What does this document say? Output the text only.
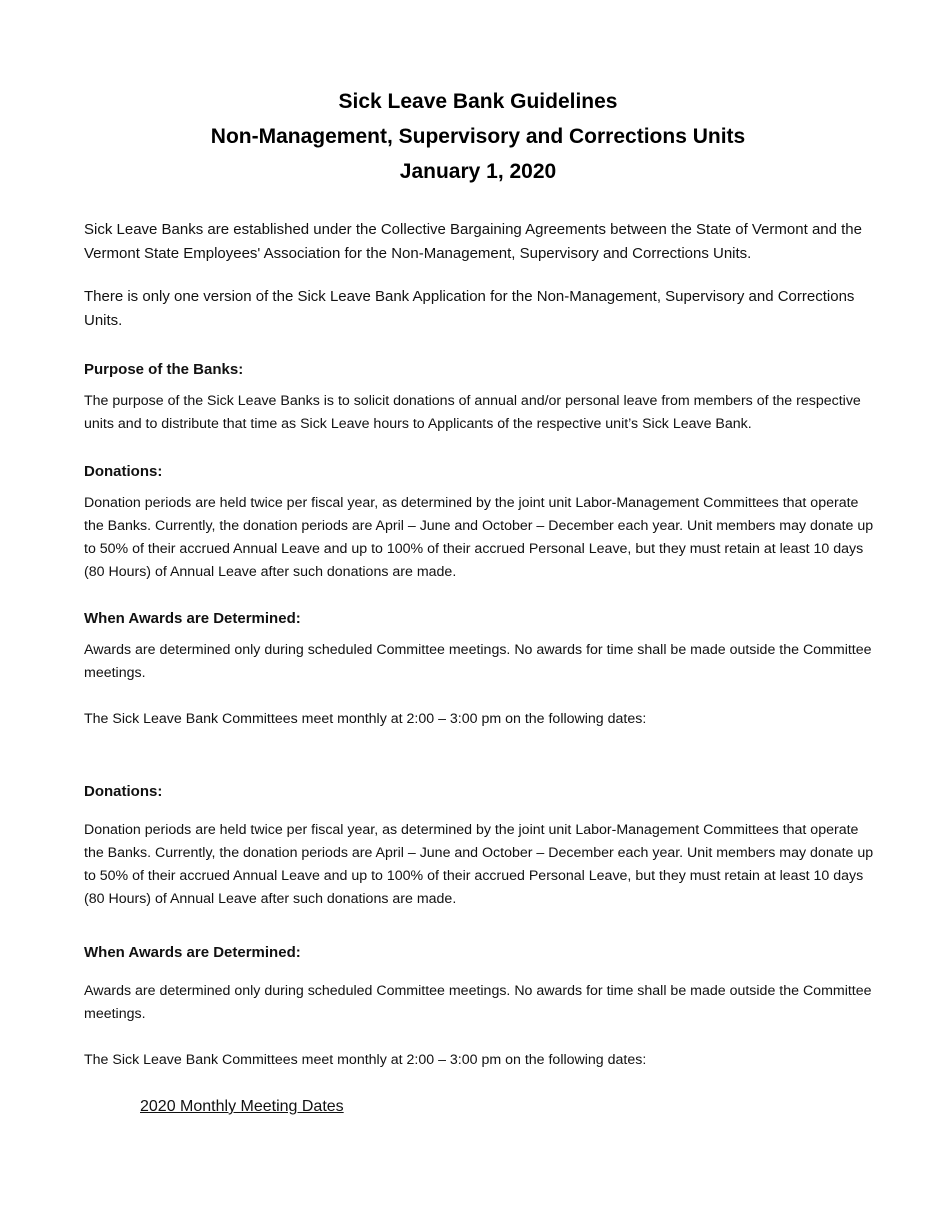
Sick Leave Bank Guidelines
Non-Management, Supervisory and Corrections Units
January 1, 2020

Sick Leave Banks are established under the Collective Bargaining Agreements between the State of Vermont and the Vermont State Employees' Association for the Non-Management, Supervisory and Corrections Units.

There is only one version of the Sick Leave Bank Application for the Non-Management, Supervisory and Corrections Units.

Purpose of the Banks:

The purpose of the Sick Leave Banks is to solicit donations of annual and/or personal leave from members of the respective units and to distribute that time as Sick Leave hours to Applicants of the respective unit’s Sick Leave Bank.

Donations:

Donation periods are held twice per fiscal year, as determined by the joint unit Labor-Management Committees that operate the Banks. Currently, the donation periods are April – June and October – December each year. Unit members may donate up to 50% of their accrued Annual Leave and up to 100% of their accrued Personal Leave, but they must retain at least 10 days (80 Hours) of Annual Leave after such donations are made.

When Awards are Determined:

Awards are determined only during scheduled Committee meetings. No awards for time shall be made outside the Committee meetings.

The Sick Leave Bank Committees meet monthly at 2:00 – 3:00 pm on the following dates:

Donations:

Donation periods are held twice per fiscal year, as determined by the joint unit Labor-Management Committees that operate the Banks. Currently, the donation periods are April – June and October – December each year. Unit members may donate up to 50% of their accrued Annual Leave and up to 100% of their accrued Personal Leave, but they must retain at least 10 days (80 Hours) of Annual Leave after such donations are made.

When Awards are Determined:

Awards are determined only during scheduled Committee meetings. No awards for time shall be made outside the Committee meetings.

The Sick Leave Bank Committees meet monthly at 2:00 – 3:00 pm on the following dates:

2020 Monthly Meeting Dates
